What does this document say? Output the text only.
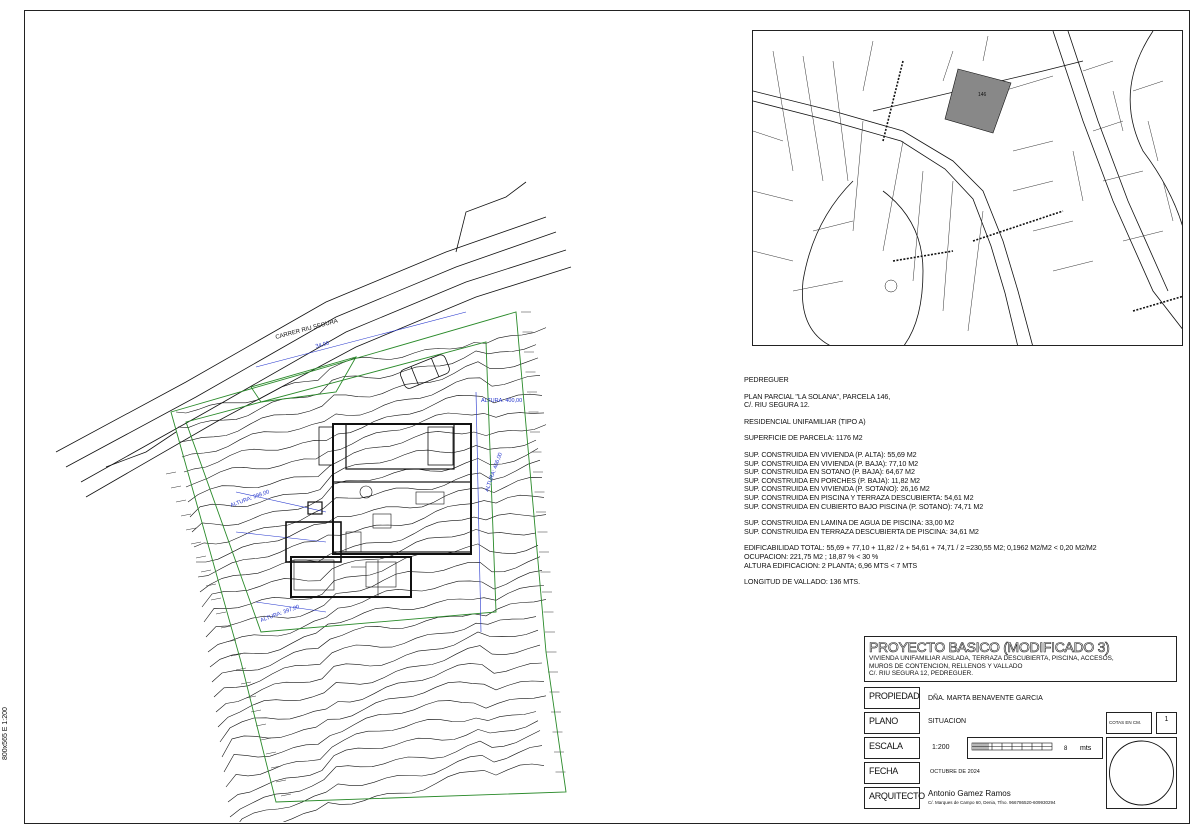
800x565 E 1:200
CARRER RIU SEGURA
34,00
ALTURA: 400,00
ALTURA: 406,00
ALTURA: 398,00
ALTURA: 397,00
146
PEDREGUER
PLAN PARCIAL "LA SOLANA", PARCELA 146,
C/. RIU SEGURA 12.
RESIDENCIAL UNIFAMILIAR (TIPO A)
SUPERFICIE DE PARCELA: 1176 M2
SUP. CONSTRUIDA EN VIVIENDA (P. ALTA): 55,69 M2
SUP. CONSTRUIDA EN VIVIENDA (P. BAJA): 77,10 M2
SUP. CONSTRUIDA EN SOTANO (P. BAJA): 64,67 M2
SUP. CONSTRUIDA EN PORCHES (P. BAJA): 11,82 M2
SUP. CONSTRUIDA EN VIVIENDA (P. SOTANO): 26,16 M2
SUP. CONSTRUIDA EN PISCINA Y TERRAZA DESCUBIERTA: 54,61 M2
SUP. CONSTRUIDA EN CUBIERTO BAJO PISCINA (P. SOTANO): 74,71 M2
SUP. CONSTRUIDA EN LAMINA DE AGUA DE PISCINA: 33,00 M2
SUP. CONSTRUIDA EN TERRAZA DESCUBIERTA DE PISCINA: 34,61 M2
EDIFICABILIDAD TOTAL: 55,69 + 77,10 + 11,82 / 2 + 54,61 + 74,71 / 2 =230,55 M2; 0,1962 M2/M2 < 0,20 M2/M2
OCUPACION: 221,75 M2 ; 18,87 % < 30 %
ALTURA EDIFICACION: 2 PLANTA; 6,96 MTS < 7 MTS
LONGITUD DE VALLADO: 136 MTS.
PROYECTO BASICO (MODIFICADO 3)
VIVIENDA UNIFAMILIAR AISLADA, TERRAZA DESCUBIERTA, PISCINA, ACCESOS,
MUROS DE CONTENCION, RELLENOS Y VALLADO
C/. RIU SEGURA 12, PEDREGUER.
PROPIEDAD DÑA. MARTA BENAVENTE GARCIA
PLANO	SITUACION
ESCALA	1:200	8 mts
FECHA	OCTUBRE DE 2024
ARQUITECTO Antonio Gamez Ramos
C/. Marques de Campo 60, Denia, Tfno. 966786520-609930294
COTAS EN CM.	1
